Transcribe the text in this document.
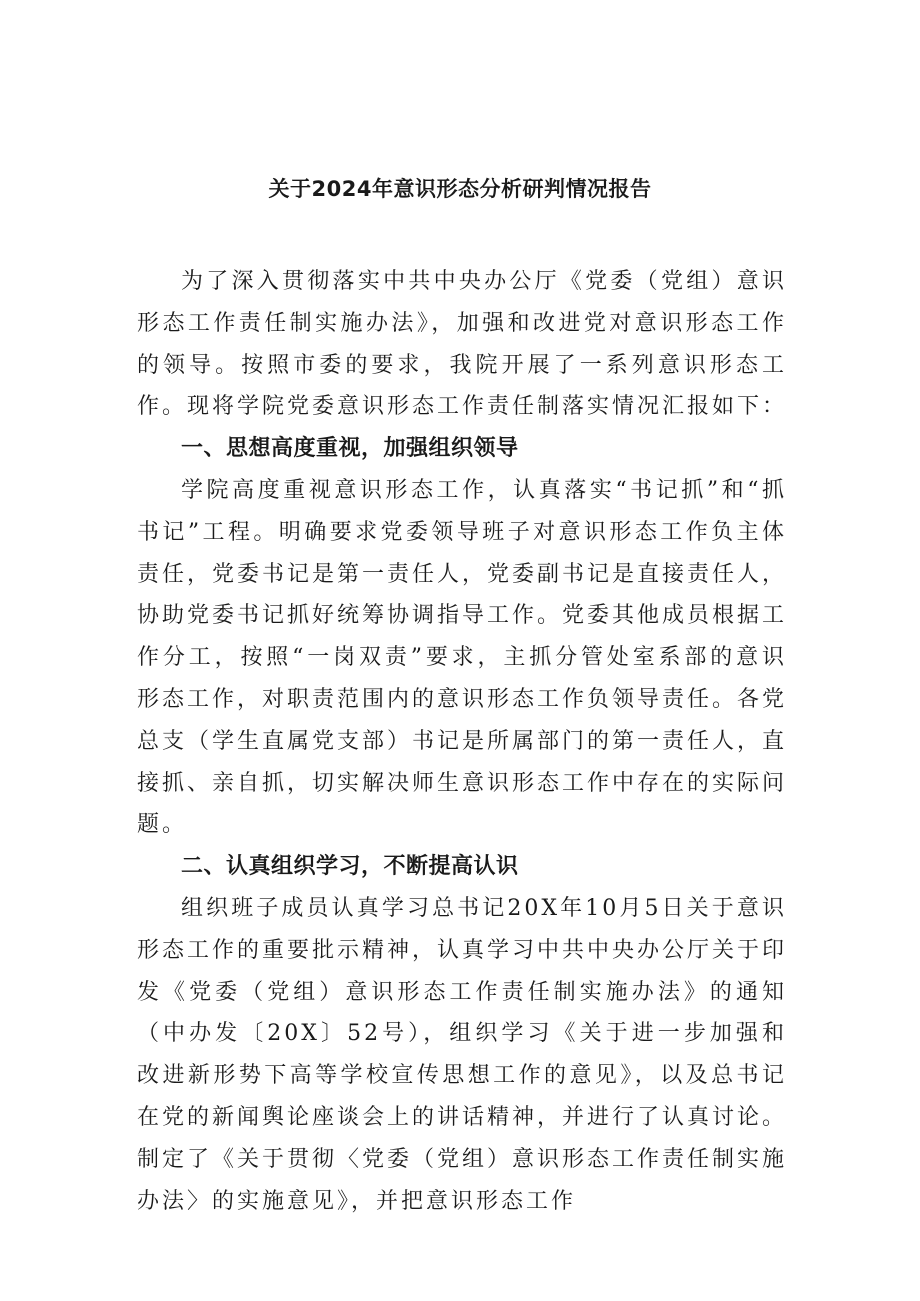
关于2024年意识形态分析研判情况报告

为了深入贯彻落实中共中央办公厅《党委（党组）意识形态工作责任制实施办法》，加强和改进党对意识形态工作的领导。按照市委的要求，我院开展了一系列意识形态工作。现将学院党委意识形态工作责任制落实情况汇报如下：

一、思想高度重视，加强组织领导

学院高度重视意识形态工作，认真落实“书记抓”和“抓书记”工程。明确要求党委领导班子对意识形态工作负主体责任，党委书记是第一责任人，党委副书记是直接责任人，协助党委书记抓好统筹协调指导工作。党委其他成员根据工作分工，按照“一岗双责”要求，主抓分管处室系部的意识形态工作，对职责范围内的意识形态工作负领导责任。各党总支（学生直属党支部）书记是所属部门的第一责任人，直接抓、亲自抓，切实解决师生意识形态工作中存在的实际问题。

二、认真组织学习，不断提高认识

组织班子成员认真学习总书记20X年10月5日关于意识形态工作的重要批示精神，认真学习中共中央办公厅关于印发《党委（党组）意识形态工作责任制实施办法》的通知（中办发〔20X〕52号），组织学习《关于进一步加强和改进新形势下高等学校宣传思想工作的意见》，以及总书记在党的新闻舆论座谈会上的讲话精神，并进行了认真讨论。制定了《关于贯彻〈党委（党组）意识形态工作责任制实施办法〉的实施意见》，并把意识形态工作
